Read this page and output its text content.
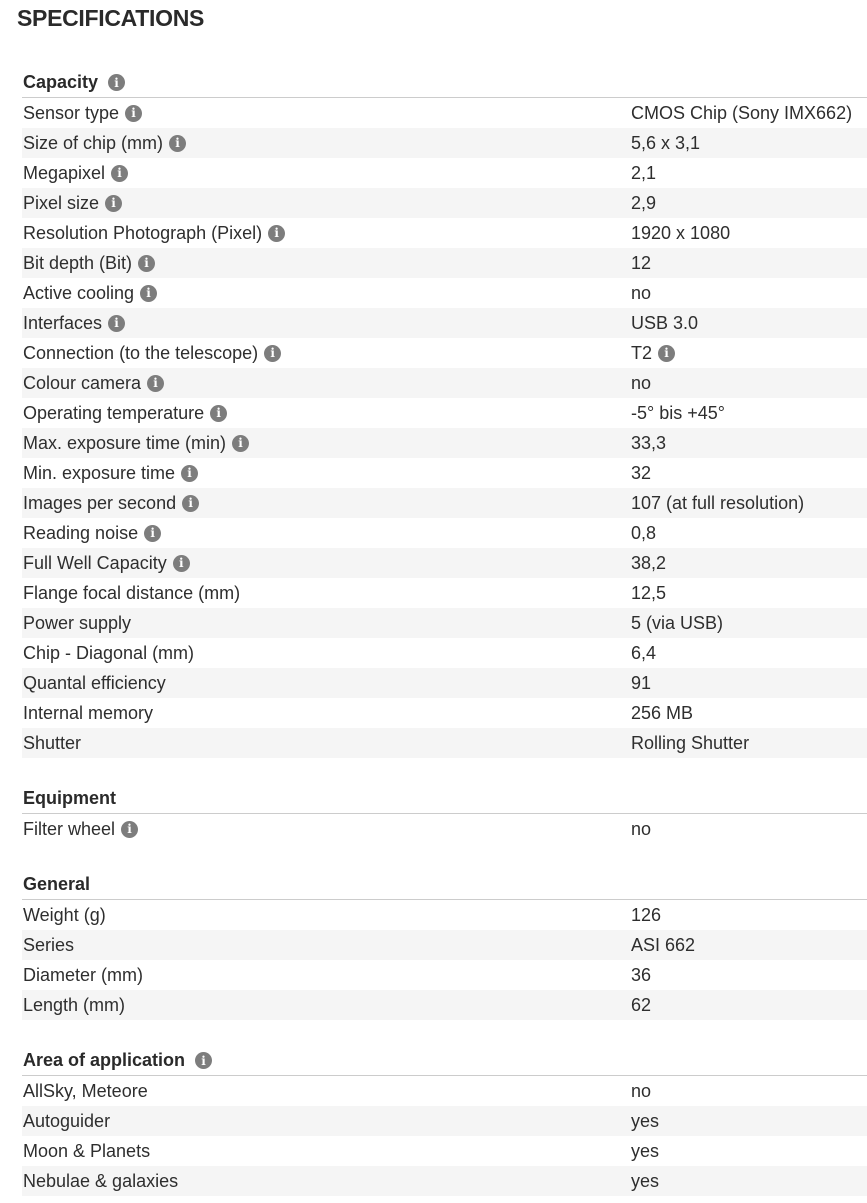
SPECIFICATIONS
Capacity	i
Sensor type	i	CMOS Chip (Sony IMX662)
Size of chip (mm)	i	5,6 x 3,1
Megapixel	i	2,1
Pixel size	i	2,9
Resolution Photograph (Pixel)	i	1920 x 1080
Bit depth (Bit)	i	12
Active cooling	i	no
Interfaces	i	USB 3.0
Connection (to the telescope)	i	T2	i
Colour camera	i	no
Operating temperature	i	-5° bis +45°
Max. exposure time (min)	i	33,3
Min. exposure time	i	32
Images per second	i	107 (at full resolution)
Reading noise	i	0,8
Full Well Capacity	i	38,2
Flange focal distance (mm)	12,5
Power supply	5 (via USB)
Chip - Diagonal (mm)	6,4
Quantal efficiency	91
Internal memory	256 MB
Shutter	Rolling Shutter
Equipment
Filter wheel	i	no
General
Weight (g)	126
Series	ASI 662
Diameter (mm)	36
Length (mm)	62
Area of application	i
AllSky, Meteore	no
Autoguider	yes
Moon & Planets	yes
Nebulae & galaxies	yes
